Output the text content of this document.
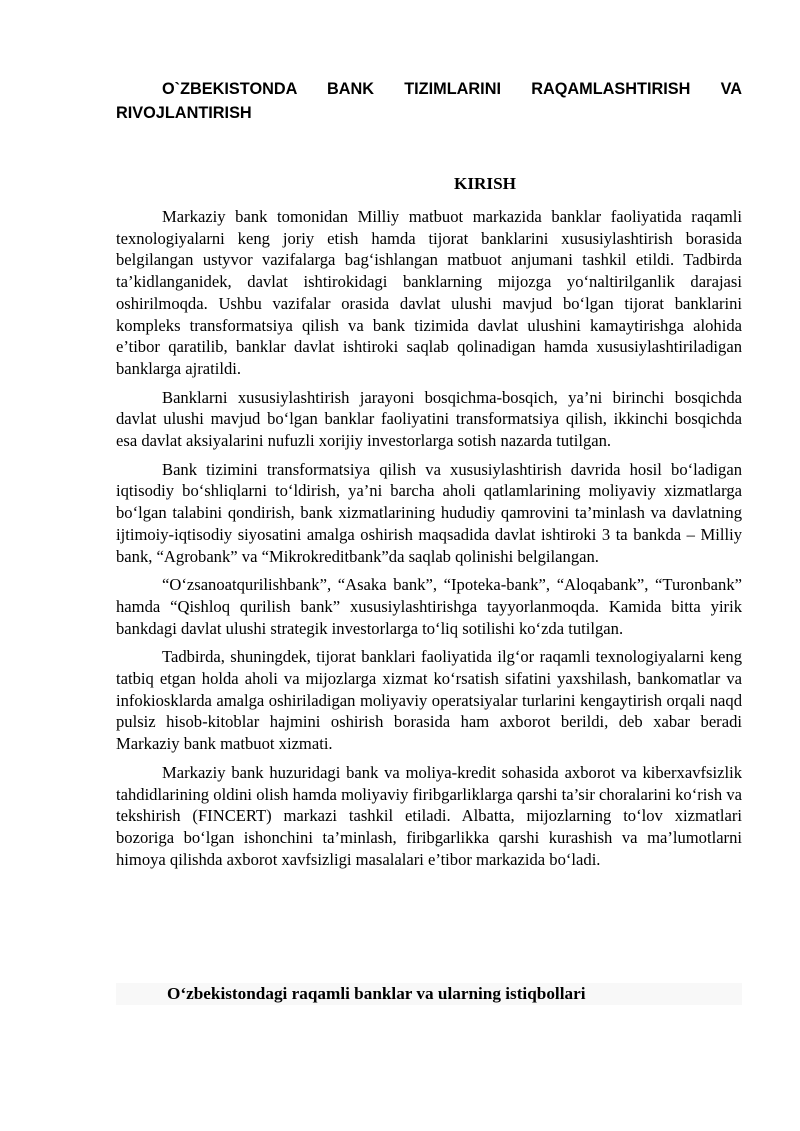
O`ZBEKISTONDA BANK TIZIMLARINI RAQAMLASHTIRISH VA RIVOJLANTIRISH
KIRISH

Markaziy bank tomonidan Milliy matbuot markazida banklar faoliyatida raqamli texnologiyalarni keng joriy etish hamda tijorat banklarini xususiylashtirish borasida belgilangan ustyvor vazifalarga bag‘ishlangan matbuot anjumani tashkil etildi. Tadbirda ta’kidlanganidek, davlat ishtirokidagi banklarning mijozga yo‘naltirilganlik darajasi oshirilmoqda. Ushbu vazifalar orasida davlat ulushi mavjud bo‘lgan tijorat banklarini kompleks transformatsiya qilish va bank tizimida davlat ulushini kamaytirishga alohida e’tibor qaratilib, banklar davlat ishtiroki saqlab qolinadigan hamda xususiylashtiriladigan banklarga ajratildi.

Banklarni xususiylashtirish jarayoni bosqichma-bosqich, ya’ni birinchi bosqichda davlat ulushi mavjud bo‘lgan banklar faoliyatini transformatsiya qilish, ikkinchi bosqichda esa davlat aksiyalarini nufuzli xorijiy investorlarga sotish nazarda tutilgan.

Bank tizimini transformatsiya qilish va xususiylashtirish davrida hosil bo‘ladigan iqtisodiy bo‘shliqlarni to‘ldirish, ya’ni barcha aholi qatlamlarining moliyaviy xizmatlarga bo‘lgan talabini qondirish, bank xizmatlarining hududiy qamrovini ta’minlash va davlatning ijtimoiy-iqtisodiy siyosatini amalga oshirish maqsadida davlat ishtiroki 3 ta bankda – Milliy bank, “Agrobank” va “Mikrokreditbank”da saqlab qolinishi belgilangan.

“O‘zsanoatqurilishbank”, “Asaka bank”, “Ipoteka-bank”, “Aloqabank”, “Turonbank” hamda “Qishloq qurilish bank” xususiylashtirishga tayyorlanmoqda. Kamida bitta yirik bankdagi davlat ulushi strategik investorlarga to‘liq sotilishi ko‘zda tutilgan.

Tadbirda, shuningdek, tijorat banklari faoliyatida ilg‘or raqamli texnologiyalarni keng tatbiq etgan holda aholi va mijozlarga xizmat ko‘rsatish sifatini yaxshilash, bankomatlar va infokiosklarda amalga oshiriladigan moliyaviy operatsiyalar turlarini kengaytirish orqali naqd pulsiz hisob-kitoblar hajmini oshirish borasida ham axborot berildi, deb xabar beradi Markaziy bank matbuot xizmati.

Markaziy bank huzuridagi bank va moliya-kredit sohasida axborot va kiberxavfsizlik tahdidlarining oldini olish hamda moliyaviy firibgarliklarga qarshi ta’sir choralarini ko‘rish va tekshirish (FINCERT) markazi tashkil etiladi. Albatta, mijozlarning to‘lov xizmatlari bozoriga bo‘lgan ishonchini ta’minlash, firibgarlikka qarshi kurashish va ma’lumotlarni himoya qilishda axborot xavfsizligi masalalari e’tibor markazida bo‘ladi.

O‘zbekistondagi raqamli banklar va ularning istiqbollari
